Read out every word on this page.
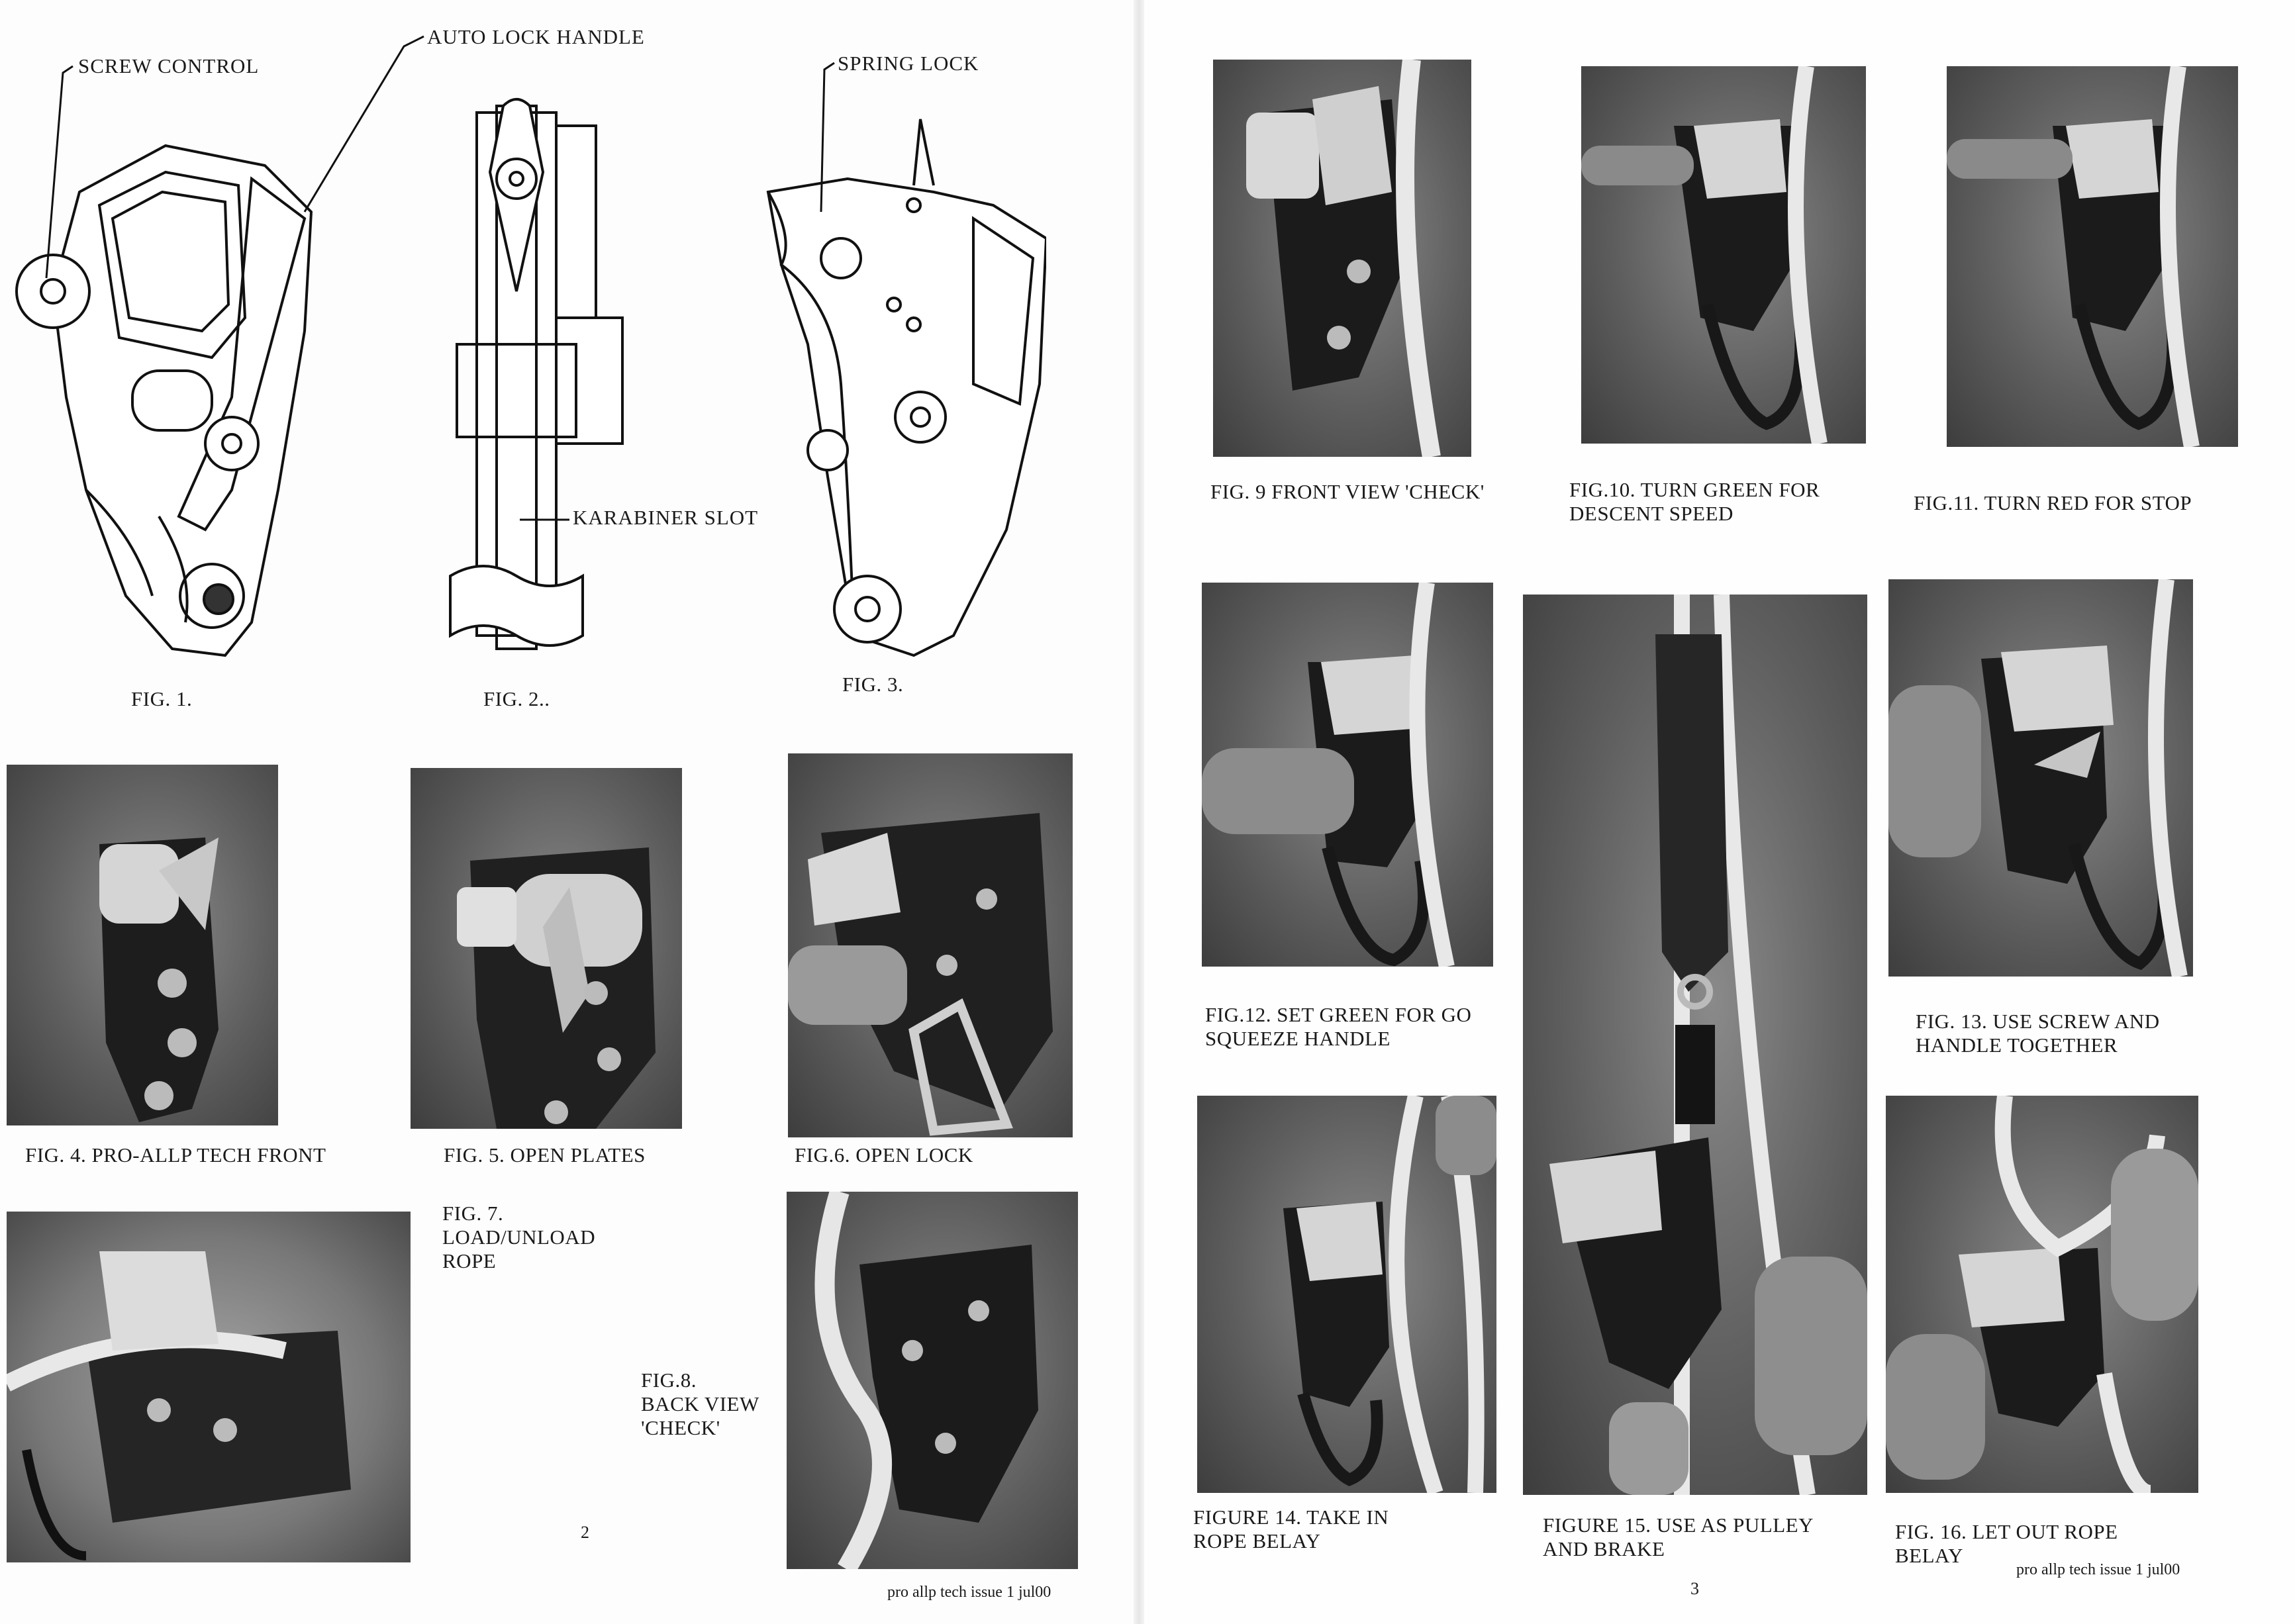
SCREW CONTROL
AUTO LOCK HANDLE
SPRING LOCK
KARABINER SLOT
FIG. 1.	FIG. 2..
FIG. 3.
FIG. 4. PRO-ALLP TECH FRONT	FIG. 5. OPEN PLATES	FIG.6. OPEN LOCK
FIG. 7.
LOAD/UNLOAD
ROPE
FIG.8.
BACK VIEW
'CHECK'
2
pro allp tech issue 1 jul00
FIG. 9 FRONT VIEW 'CHECK'	FIG.10. TURN GREEN FOR
DESCENT SPEED	FIG.11. TURN RED FOR STOP
FIG.12. SET GREEN FOR GO
SQUEEZE HANDLE
FIG. 13. USE SCREW AND
HANDLE TOGETHER
FIGURE 14. TAKE IN
ROPE BELAY
FIGURE 15. USE AS PULLEY
AND BRAKE
FIG. 16. LET OUT ROPE
BELAY
3
pro allp tech issue 1 jul00
